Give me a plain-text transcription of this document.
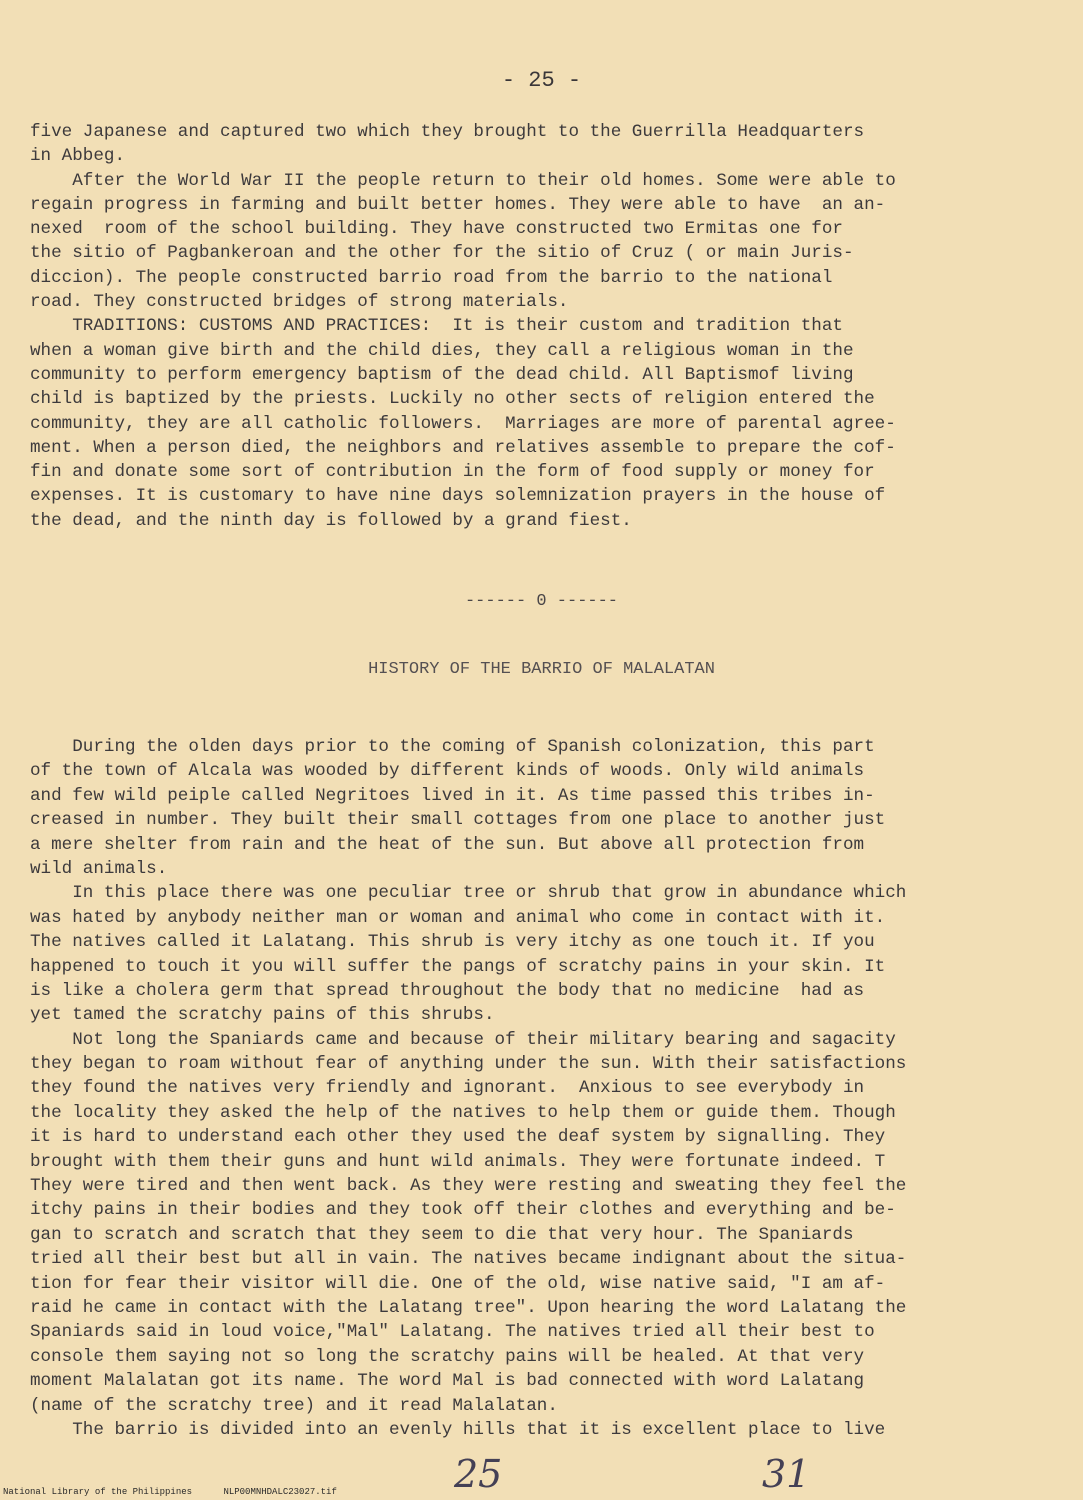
- 25 -
five Japanese and captured two which they brought to the Guerrilla Headquarters
in Abbeg.
After the World War II the people return to their old homes. Some were able to
regain progress in farming and built better homes. They were able to have  an an-
nexed  room of the school building. They have constructed two Ermitas one for
the sitio of Pagbankeroan and the other for the sitio of Cruz ( or main Juris-
diccion). The people constructed barrio road from the barrio to the national
road. They constructed bridges of strong materials.
TRADITIONS: CUSTOMS AND PRACTICES:  It is their custom and tradition that
when a woman give birth and the child dies, they call a religious woman in the
community to perform emergency baptism of the dead child. All Baptismof living
child is baptized by the priests. Luckily no other sects of religion entered the
community, they are all catholic followers.  Marriages are more of parental agree-
ment. When a person died, the neighbors and relatives assemble to prepare the cof-
fin and donate some sort of contribution in the form of food supply or money for
expenses. It is customary to have nine days solemnization prayers in the house of
the dead, and the ninth day is followed by a grand fiest.
------ 0 ------
HISTORY OF THE BARRIO OF MALALATAN
During the olden days prior to the coming of Spanish colonization, this part
of the town of Alcala was wooded by different kinds of woods. Only wild animals
and few wild peiple called Negritoes lived in it. As time passed this tribes in-
creased in number. They built their small cottages from one place to another just
a mere shelter from rain and the heat of the sun. But above all protection from
wild animals.
In this place there was one peculiar tree or shrub that grow in abundance which
was hated by anybody neither man or woman and animal who come in contact with it.
The natives called it Lalatang. This shrub is very itchy as one touch it. If you
happened to touch it you will suffer the pangs of scratchy pains in your skin. It
is like a cholera germ that spread throughout the body that no medicine  had as
yet tamed the scratchy pains of this shrubs.
Not long the Spaniards came and because of their military bearing and sagacity
they began to roam without fear of anything under the sun. With their satisfactions
they found the natives very friendly and ignorant.  Anxious to see everybody in
the locality they asked the help of the natives to help them or guide them. Though
it is hard to understand each other they used the deaf system by signalling. They
brought with them their guns and hunt wild animals. They were fortunate indeed. T
They were tired and then went back. As they were resting and sweating they feel the
itchy pains in their bodies and they took off their clothes and everything and be-
gan to scratch and scratch that they seem to die that very hour. The Spaniards
tried all their best but all in vain. The natives became indignant about the situa-
tion for fear their visitor will die. One of the old, wise native said, "I am af-
raid he came in contact with the Lalatang tree". Upon hearing the word Lalatang the
Spaniards said in loud voice,"Mal" Lalatang. The natives tried all their best to
console them saying not so long the scratchy pains will be healed. At that very
moment Malalatan got its name. The word Mal is bad connected with word Lalatang
(name of the scratchy tree) and it read Malalatan.
The barrio is divided into an evenly hills that it is excellent place to live
25	31
National Library of the Philippines	NLP00MNHDALC23027.tif
